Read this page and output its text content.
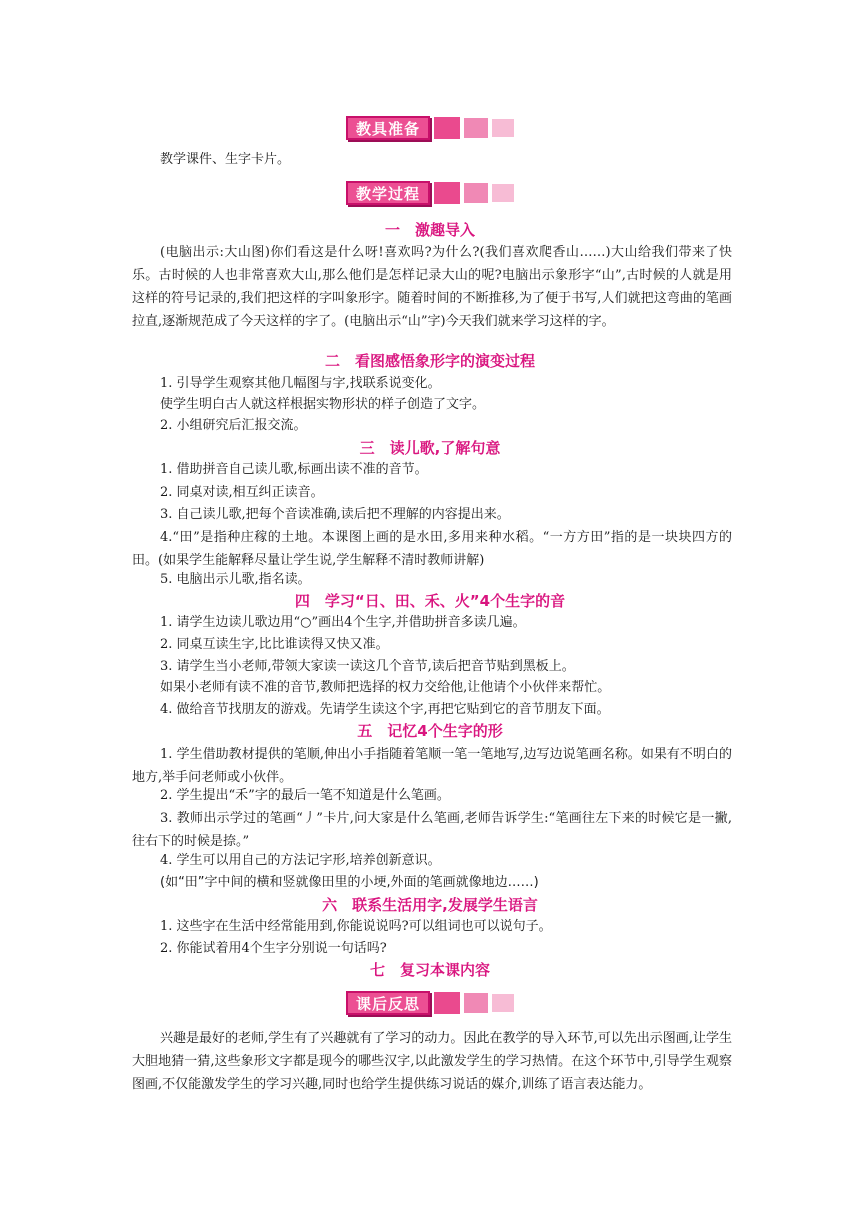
教具准备

教学课件、生字卡片。

教学过程
一　激趣导入

(电脑出示:大山图)你们看这是什么呀!喜欢吗?为什么?(我们喜欢爬香山……)大山给我们带来了快乐。古时候的人也非常喜欢大山,那么他们是怎样记录大山的呢?电脑出示象形字“山”,古时候的人就是用这样的符号记录的,我们把这样的字叫象形字。随着时间的不断推移,为了便于书写,人们就把这弯曲的笔画拉直,逐渐规范成了今天这样的字了。(电脑出示“山”字)今天我们就来学习这样的字。

二　看图感悟象形字的演变过程

1. 引导学生观察其他几幅图与字,找联系说变化。

使学生明白古人就这样根据实物形状的样子创造了文字。

2. 小组研究后汇报交流。

三　读儿歌,了解句意

1. 借助拼音自己读儿歌,标画出读不准的音节。

2. 同桌对读,相互纠正读音。

3. 自己读儿歌,把每个音读准确,读后把不理解的内容提出来。

4.“田”是指种庄稼的土地。本课图上画的是水田,多用来种水稻。“一方方田”指的是一块块四方的田。(如果学生能解释尽量让学生说,学生解释不清时教师讲解)

5. 电脑出示儿歌,指名读。

四　学习“日、田、禾、火”4个生字的音

1. 请学生边读儿歌边用“○”画出4个生字,并借助拼音多读几遍。

2. 同桌互读生字,比比谁读得又快又准。

3. 请学生当小老师,带领大家读一读这几个音节,读后把音节贴到黑板上。

如果小老师有读不准的音节,教师把选择的权力交给他,让他请个小伙伴来帮忙。

4. 做给音节找朋友的游戏。先请学生读这个字,再把它贴到它的音节朋友下面。

五　记忆4个生字的形

1. 学生借助教材提供的笔顺,伸出小手指随着笔顺一笔一笔地写,边写边说笔画名称。如果有不明白的地方,举手问老师或小伙伴。

2. 学生提出“禾”字的最后一笔不知道是什么笔画。

3. 教师出示学过的笔画“丿”卡片,问大家是什么笔画,老师告诉学生:“笔画往左下来的时候它是一撇,往右下的时候是捺。”

4. 学生可以用自己的方法记字形,培养创新意识。

(如“田”字中间的横和竖就像田里的小埂,外面的笔画就像地边……)

六　联系生活用字,发展学生语言

1. 这些字在生活中经常能用到,你能说说吗?可以组词也可以说句子。

2. 你能试着用4个生字分别说一句话吗?

七　复习本课内容
课后反思

兴趣是最好的老师,学生有了兴趣就有了学习的动力。因此在教学的导入环节,可以先出示图画,让学生大胆地猜一猜,这些象形文字都是现今的哪些汉字,以此激发学生的学习热情。在这个环节中,引导学生观察图画,不仅能激发学生的学习兴趣,同时也给学生提供练习说话的媒介,训练了语言表达能力。
